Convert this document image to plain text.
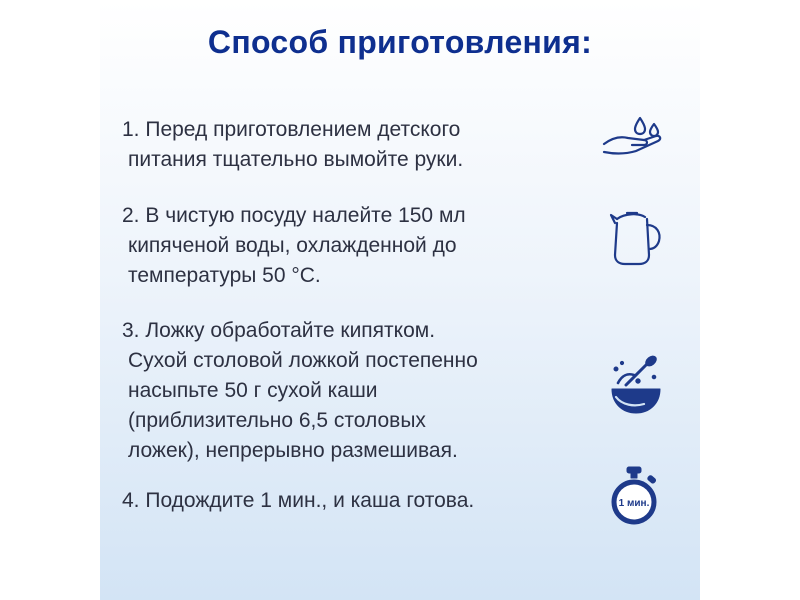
Способ приготовления:
1. Перед приготовлением детского
питания тщательно вымойте руки.
2. В чистую посуду налейте 150 мл
кипяченой воды, охлажденной до
температуры 50 °C.
3. Ложку обработайте кипятком.
Сухой столовой ложкой постепенно
насыпьте 50 г сухой каши
(приблизительно 6,5 столовых
ложек), непрерывно размешивая.
4. Подождите 1 мин., и каша готова.	1 мин.
